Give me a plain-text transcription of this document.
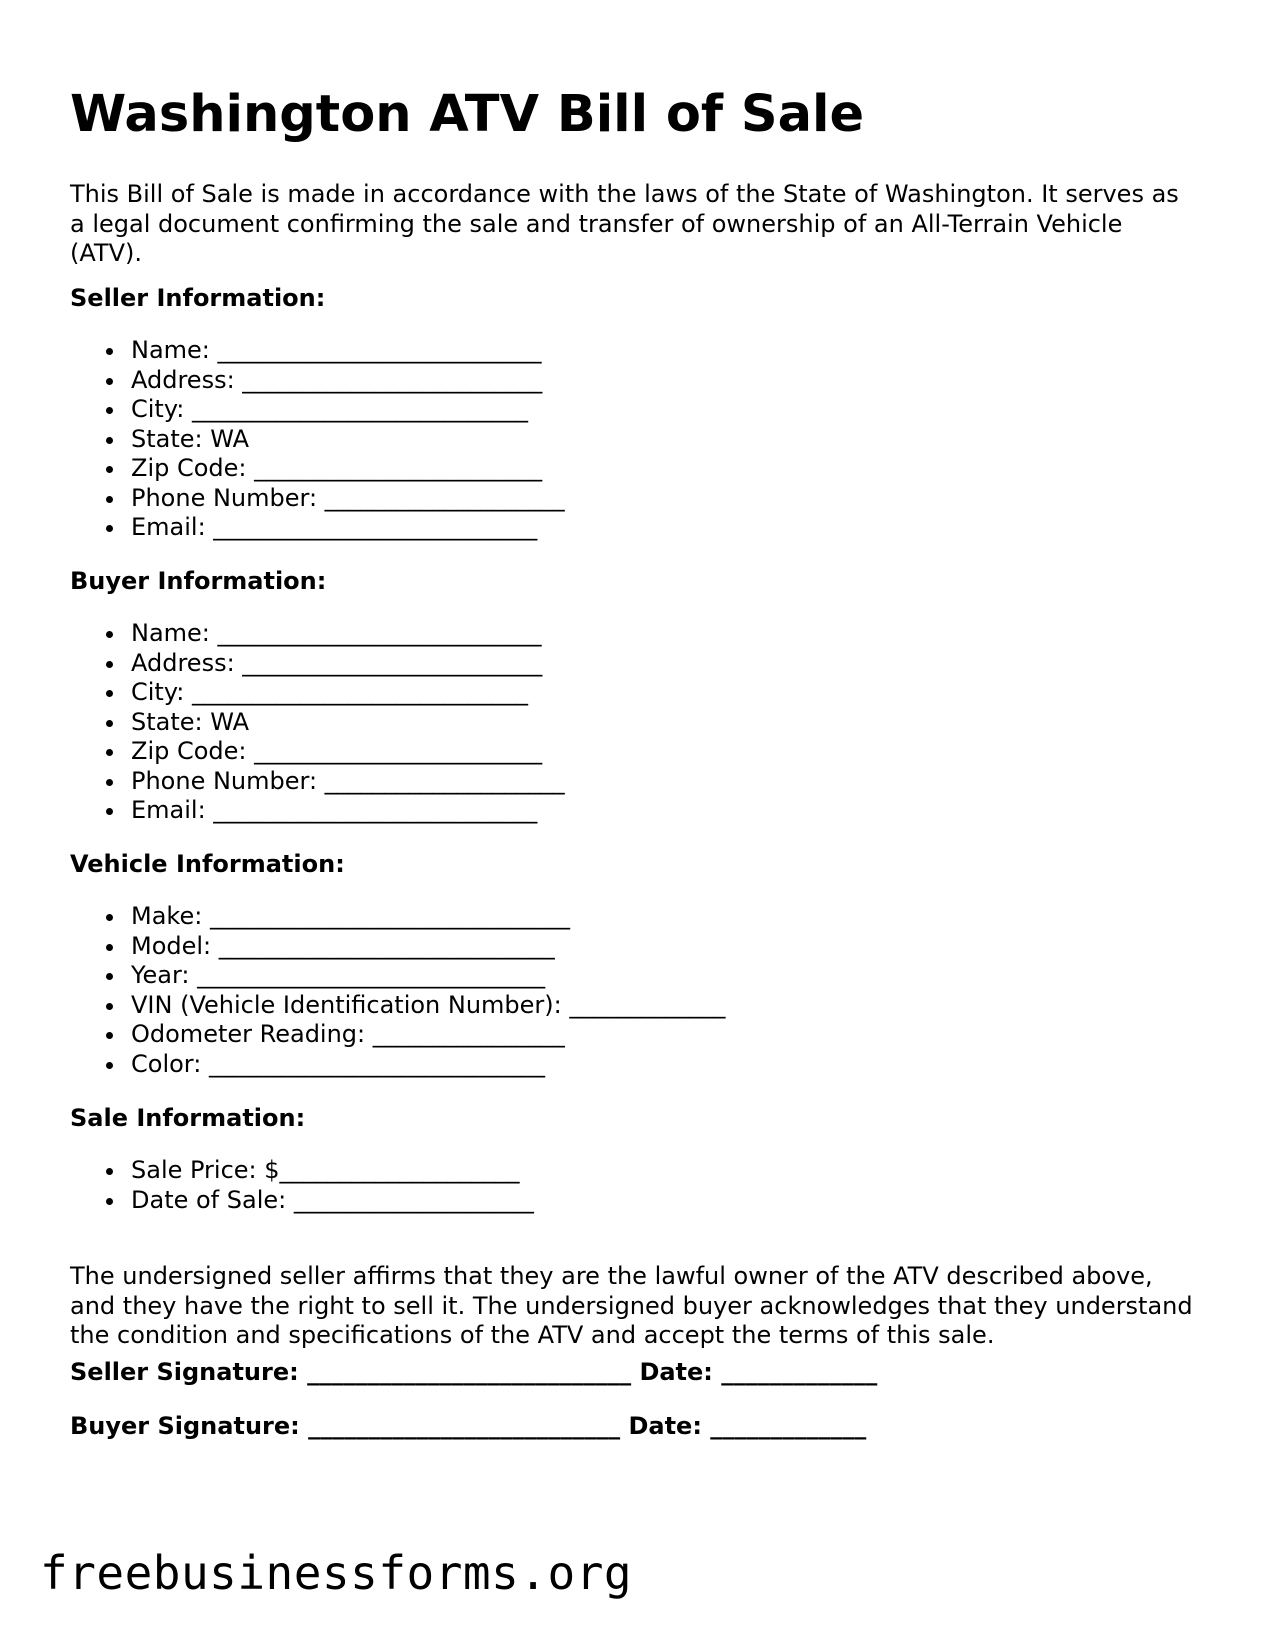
Washington ATV Bill of Sale

This Bill of Sale is made in accordance with the laws of the State of Washington. It serves as a legal document confirming the sale and transfer of ownership of an All-Terrain Vehicle (ATV).

Seller Information:

Name: ___________________________
Address: _________________________
City: ____________________________
State: WA
Zip Code: ________________________
Phone Number: ____________________
Email: ___________________________

Buyer Information:

Name: ___________________________
Address: _________________________
City: ____________________________
State: WA
Zip Code: ________________________
Phone Number: ____________________
Email: ___________________________

Vehicle Information:

Make: ______________________________
Model: ____________________________
Year: _____________________________
VIN (Vehicle Identification Number): _____________
Odometer Reading: ________________
Color: ____________________________

Sale Information:

Sale Price: $____________________
Date of Sale: ____________________

The undersigned seller affirms that they are the lawful owner of the ATV described above, and they have the right to sell it. The undersigned buyer acknowledges that they understand the condition and specifications of the ATV and accept the terms of this sale.

Seller Signature: ___________________________ Date: _____________

Buyer Signature: __________________________ Date: _____________

freebusinessforms.org
